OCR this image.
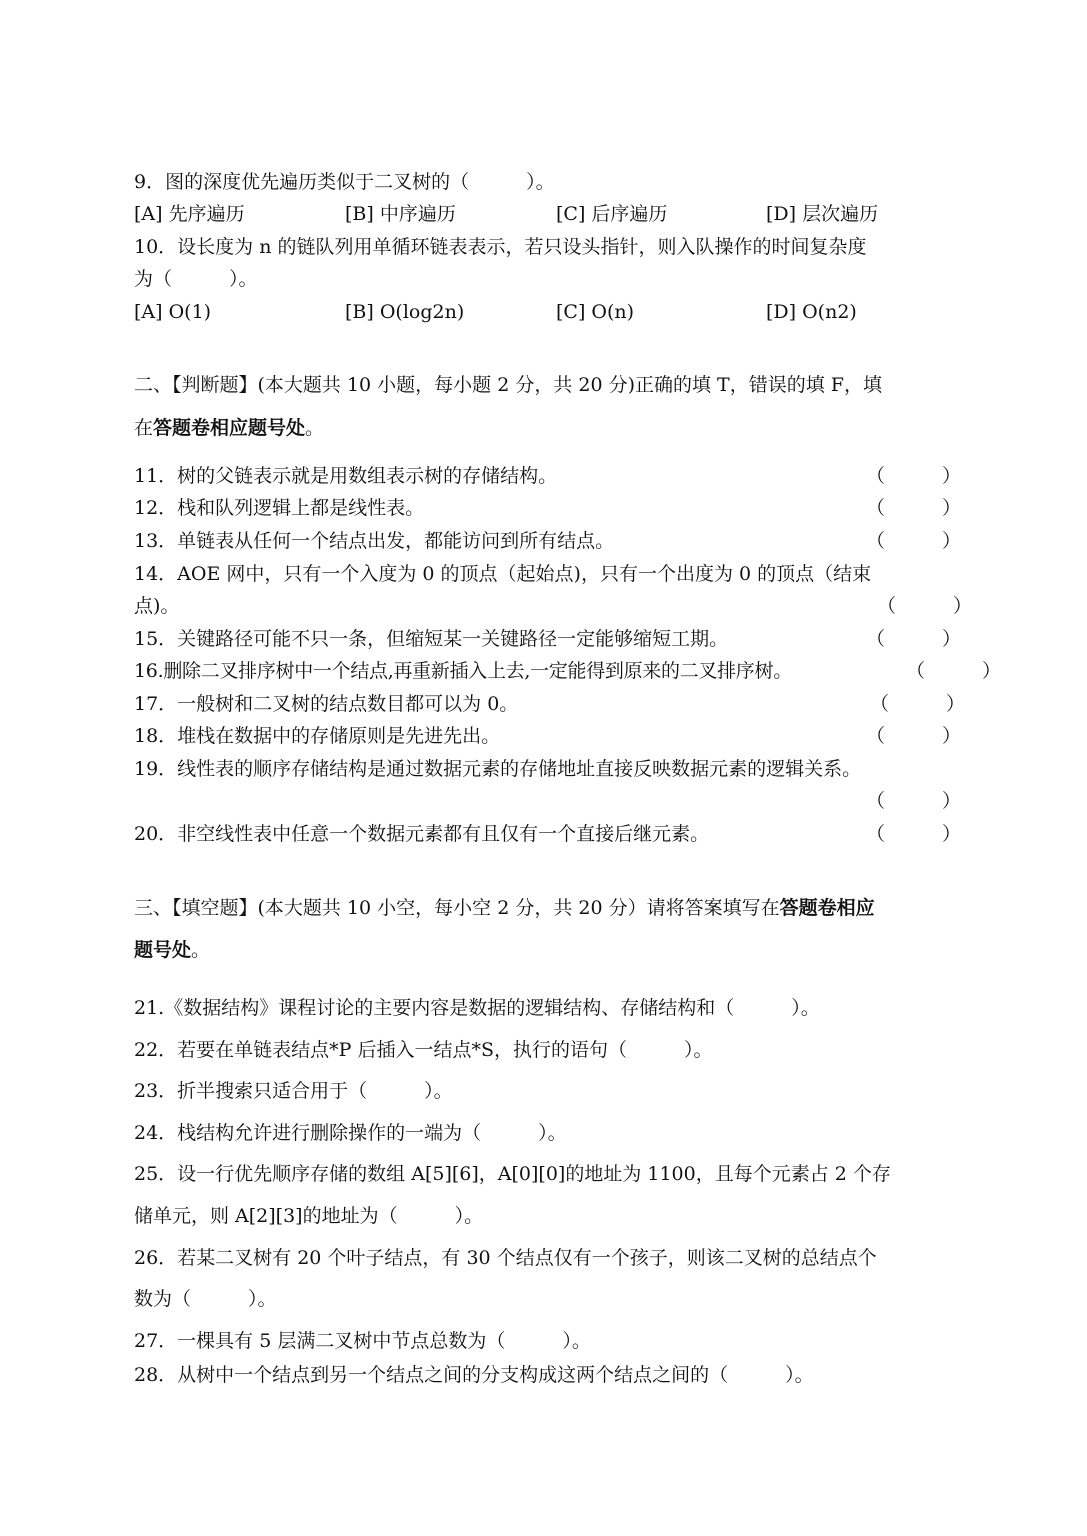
9．图的深度优先遍历类似于二叉树的（　　　）。
[A] 先序遍历	[B] 中序遍历	[C] 后序遍历	[D] 层次遍历
10．设长度为 n 的链队列用单循环链表表示，若只设头指针，则入队操作的时间复杂度
为（　　　）。
[A] O(1)	[B] O(log2n)	[C] O(n)	[D] O(n2)
二、【判断题】(本大题共 10 小题，每小题 2 分，共 20 分)正确的填 T，错误的填 F，填
在答题卷相应题号处。
11．树的父链表示就是用数组表示树的存储结构。	（　　　）
12．栈和队列逻辑上都是线性表。	（　　　）
13．单链表从任何一个结点出发，都能访问到所有结点。	（　　　）
14．AOE 网中，只有一个入度为 0 的顶点（起始点)，只有一个出度为 0 的顶点（结束
点)。	（　　　）
15．关键路径可能不只一条，但缩短某一关键路径一定能够缩短工期。	（　　　）
16.删除二叉排序树中一个结点,再重新插入上去,一定能得到原来的二叉排序树。	（　　　）
17．一般树和二叉树的结点数目都可以为 0。	（　　　）
18．堆栈在数据中的存储原则是先进先出。	（　　　）
19．线性表的顺序存储结构是通过数据元素的存储地址直接反映数据元素的逻辑关系。
（　　　）
20．非空线性表中任意一个数据元素都有且仅有一个直接后继元素。	（　　　）
三、【填空题】(本大题共 10 小空，每小空 2 分，共 20 分）请将答案填写在答题卷相应
题号处。
21.《数据结构》课程讨论的主要内容是数据的逻辑结构、存储结构和（　　　）。
22．若要在单链表结点*P 后插入一结点*S，执行的语句（　　　）。
23．折半搜索只适合用于（　　　）。
24．栈结构允许进行删除操作的一端为（　　　）。
25．设一行优先顺序存储的数组 A[5][6]，A[0][0]的地址为 1100，且每个元素占 2 个存
储单元，则 A[2][3]的地址为（　　　）。
26．若某二叉树有 20 个叶子结点，有 30 个结点仅有一个孩子，则该二叉树的总结点个
数为（　　　）。
27．一棵具有 5 层满二叉树中节点总数为（　　　）。
28．从树中一个结点到另一个结点之间的分支构成这两个结点之间的（　　　）。
